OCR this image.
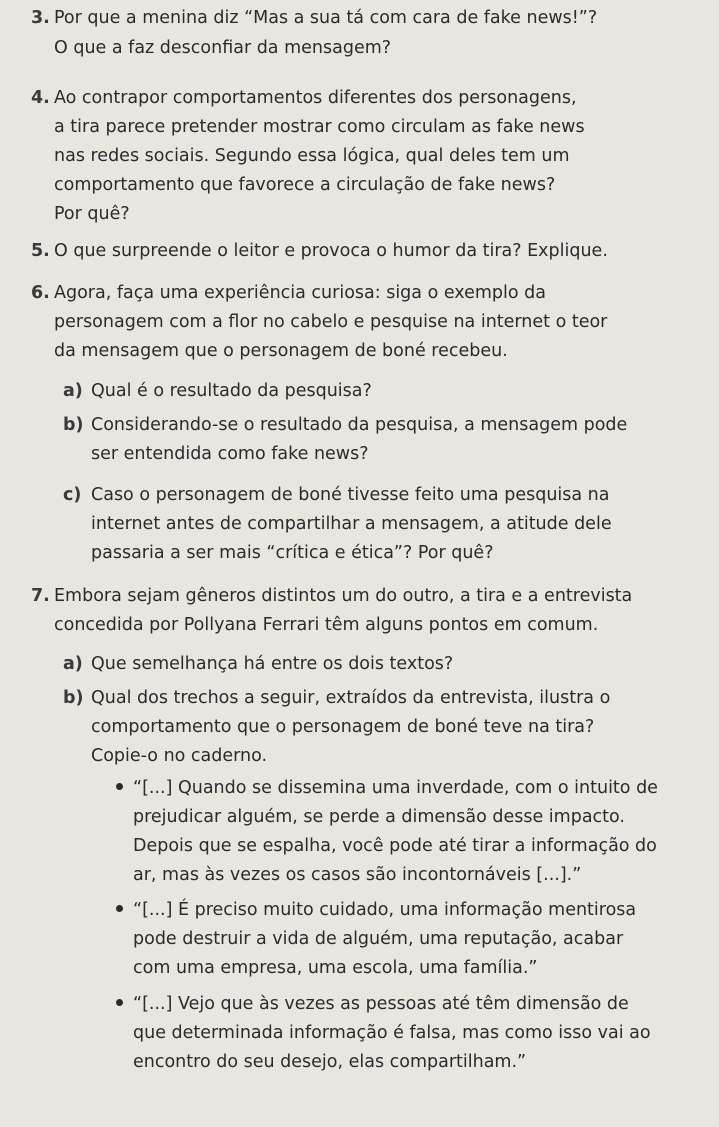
3. Por que a menina diz “Mas a sua tá com cara de fake news!”?
O que a faz desconfiar da mensagem?
4. Ao contrapor comportamentos diferentes dos personagens,
a tira parece pretender mostrar como circulam as fake news
nas redes sociais. Segundo essa lógica, qual deles tem um
comportamento que favorece a circulação de fake news?
Por quê?
5. O que surpreende o leitor e provoca o humor da tira? Explique.
6. Agora, faça uma experiência curiosa: siga o exemplo da
personagem com a flor no cabelo e pesquise na internet o teor
da mensagem que o personagem de boné recebeu.
a) Qual é o resultado da pesquisa?
b) Considerando-se o resultado da pesquisa, a mensagem pode
ser entendida como fake news?
c) Caso o personagem de boné tivesse feito uma pesquisa na
internet antes de compartilhar a mensagem, a atitude dele
passaria a ser mais “crítica e ética”? Por quê?
7. Embora sejam gêneros distintos um do outro, a tira e a entrevista
concedida por Pollyana Ferrari têm alguns pontos em comum.
a) Que semelhança há entre os dois textos?
b) Qual dos trechos a seguir, extraídos da entrevista, ilustra o
comportamento que o personagem de boné teve na tira?
Copie-o no caderno.
“[...] Quando se dissemina uma inverdade, com o intuito de
prejudicar alguém, se perde a dimensão desse impacto.
Depois que se espalha, você pode até tirar a informação do
ar, mas às vezes os casos são incontornáveis [...].”
“[...] É preciso muito cuidado, uma informação mentirosa
pode destruir a vida de alguém, uma reputação, acabar
com uma empresa, uma escola, uma família.”
“[...] Vejo que às vezes as pessoas até têm dimensão de
que determinada informação é falsa, mas como isso vai ao
encontro do seu desejo, elas compartilham.”
